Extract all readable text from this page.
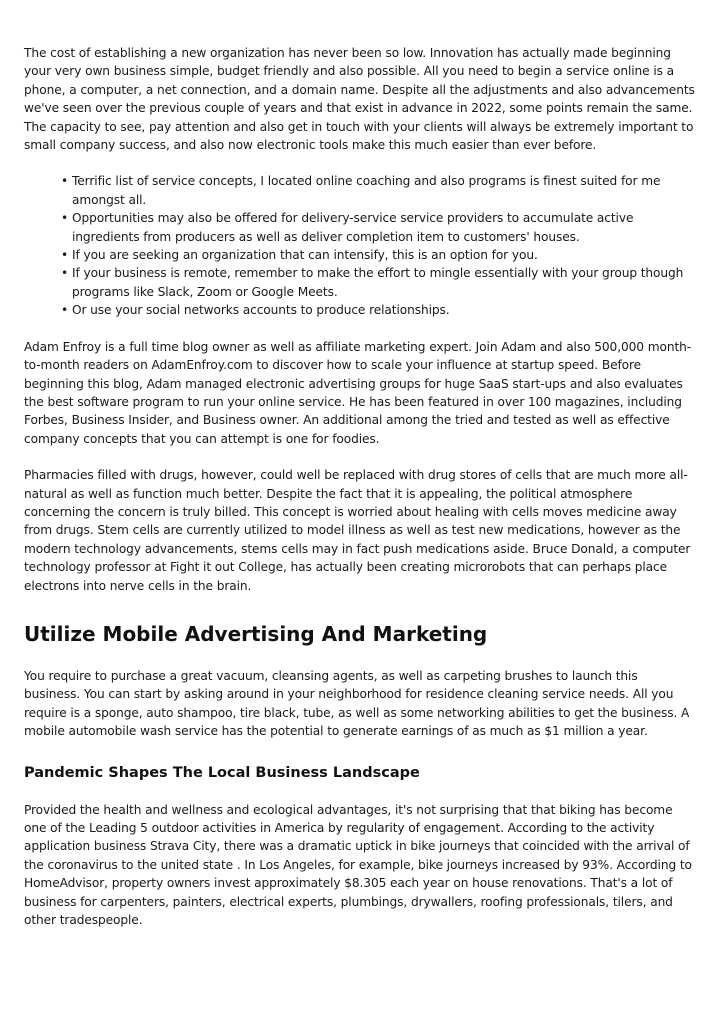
The cost of establishing a new organization has never been so low. Innovation has actually made beginning your very own business simple, budget friendly and also possible. All you need to begin a service online is a phone, a computer, a net connection, and a domain name. Despite all the adjustments and also advancements we've seen over the previous couple of years and that exist in advance in 2022, some points remain the same. The capacity to see, pay attention and also get in touch with your clients will always be extremely important to small company success, and also now electronic tools make this much easier than ever before.

• Terrific list of service concepts, I located online coaching and also programs is finest suited for me amongst all.
• Opportunities may also be offered for delivery-service service providers to accumulate active ingredients from producers as well as deliver completion item to customers' houses.
• If you are seeking an organization that can intensify, this is an option for you.
• If your business is remote, remember to make the effort to mingle essentially with your group though programs like Slack, Zoom or Google Meets.
• Or use your social networks accounts to produce relationships.

Adam Enfroy is a full time blog owner as well as affiliate marketing expert. Join Adam and also 500,000 month-to-month readers on AdamEnfroy.com to discover how to scale your influence at startup speed. Before beginning this blog, Adam managed electronic advertising groups for huge SaaS start-ups and also evaluates the best software program to run your online service. He has been featured in over 100 magazines, including Forbes, Business Insider, and Business owner. An additional among the tried and tested as well as effective company concepts that you can attempt is one for foodies.

Pharmacies filled with drugs, however, could well be replaced with drug stores of cells that are much more all-natural as well as function much better. Despite the fact that it is appealing, the political atmosphere concerning the concern is truly billed. This concept is worried about healing with cells moves medicine away from drugs. Stem cells are currently utilized to model illness as well as test new medications, however as the modern technology advancements, stems cells may in fact push medications aside. Bruce Donald, a computer technology professor at Fight it out College, has actually been creating microrobots that can perhaps place electrons into nerve cells in the brain.

Utilize Mobile Advertising And Marketing

You require to purchase a great vacuum, cleansing agents, as well as carpeting brushes to launch this business. You can start by asking around in your neighborhood for residence cleaning service needs. All you require is a sponge, auto shampoo, tire black, tube, as well as some networking abilities to get the business. A mobile automobile wash service has the potential to generate earnings of as much as $1 million a year.

Pandemic Shapes The Local Business Landscape

Provided the health and wellness and ecological advantages, it's not surprising that that biking has become one of the Leading 5 outdoor activities in America by regularity of engagement. According to the activity application business Strava City, there was a dramatic uptick in bike journeys that coincided with the arrival of the coronavirus to the united state . In Los Angeles, for example, bike journeys increased by 93%. According to HomeAdvisor, property owners invest approximately $8.305 each year on house renovations. That's a lot of business for carpenters, painters, electrical experts, plumbings, drywallers, roofing professionals, tilers, and other tradespeople.
